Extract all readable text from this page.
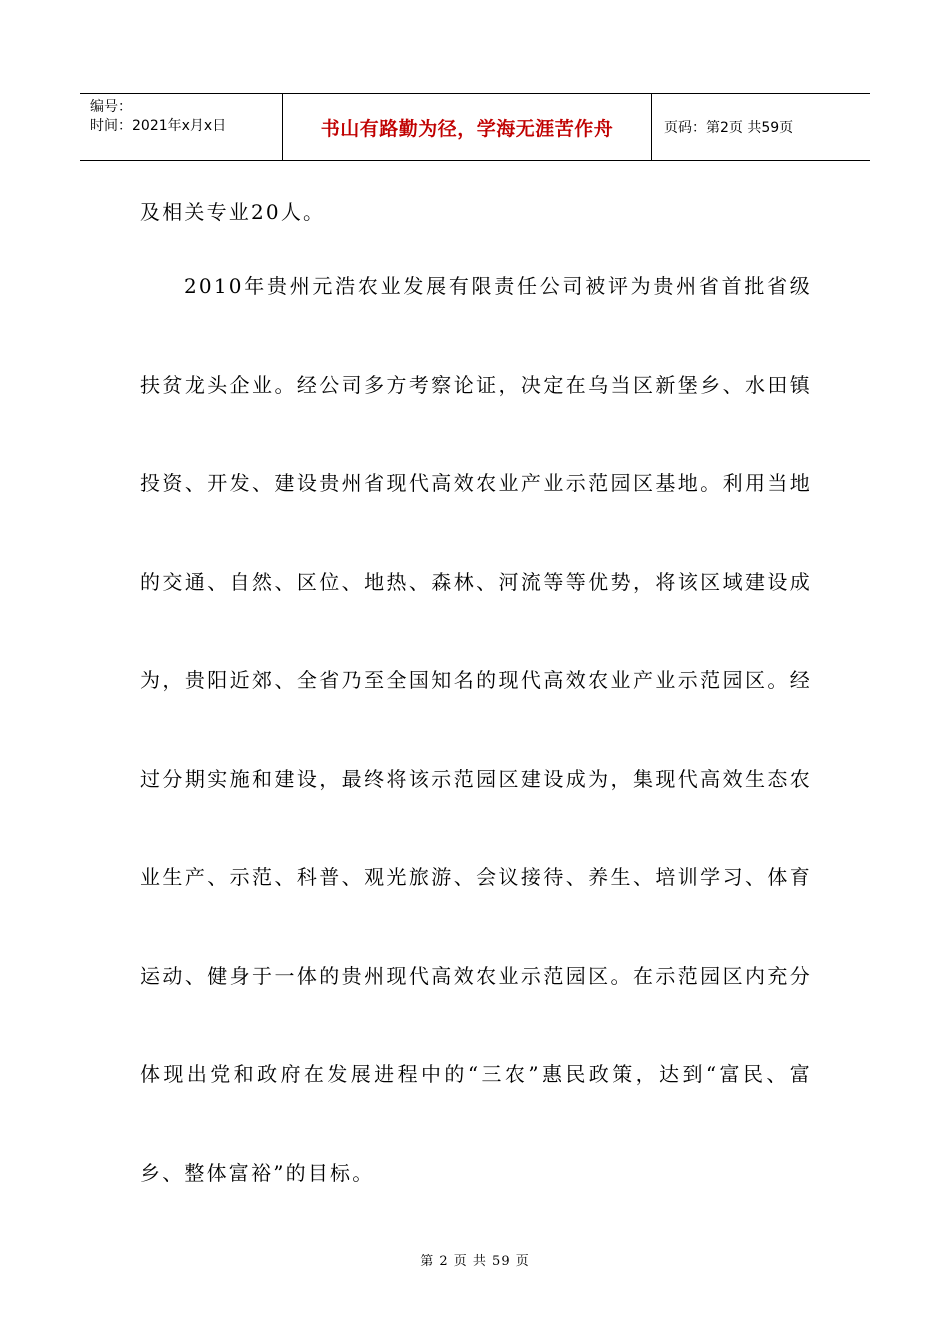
编号：
时间：2021年x月x日	书山有路勤为径，学海无涯苦作舟	页码：第2页 共59页

及相关专业20人。

2010年贵州元浩农业发展有限责任公司被评为贵州省首批省级扶贫龙头企业。经公司多方考察论证，决定在乌当区新堡乡、水田镇投资、开发、建设贵州省现代高效农业产业示范园区基地。利用当地的交通、自然、区位、地热、森林、河流等等优势，将该区域建设成为，贵阳近郊、全省乃至全国知名的现代高效农业产业示范园区。经过分期实施和建设，最终将该示范园区建设成为，集现代高效生态农业生产、示范、科普、观光旅游、会议接待、养生、培训学习、体育运动、健身于一体的贵州现代高效农业示范园区。在示范园区内充分体现出党和政府在发展进程中的“三农”惠民政策，达到“富民、富乡、整体富裕”的目标。

第 2 页 共 59 页
